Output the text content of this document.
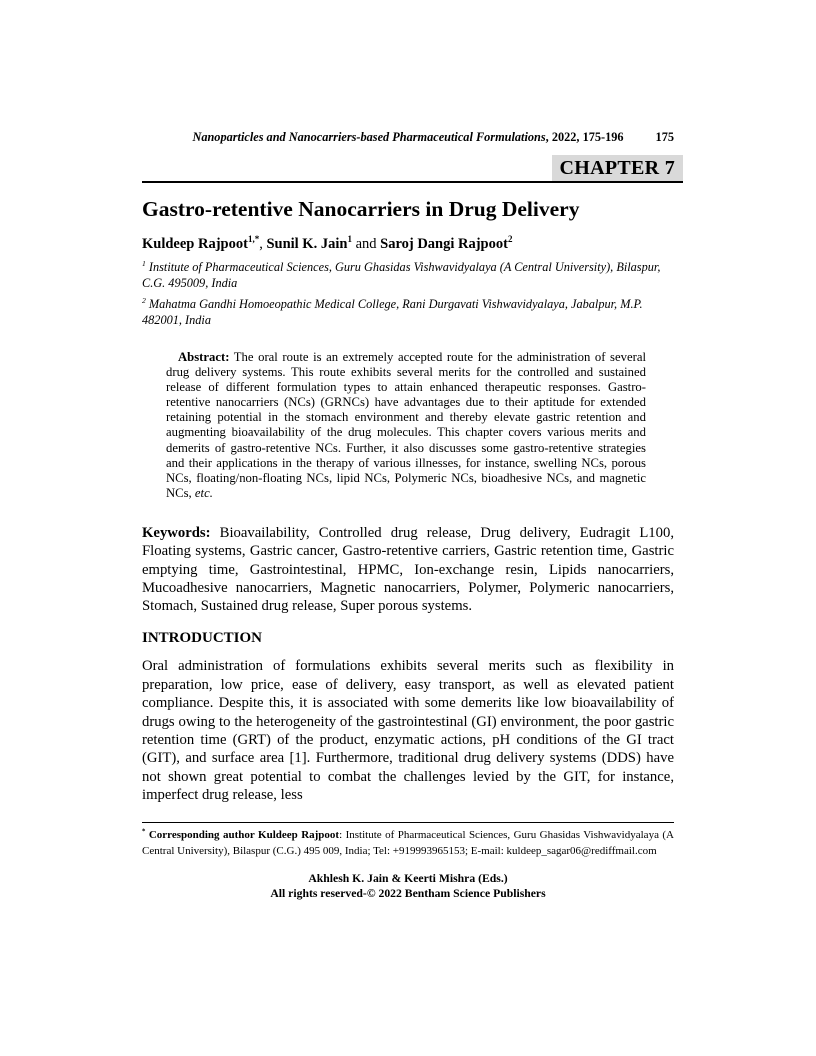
Nanoparticles and Nanocarriers-based Pharmaceutical Formulations, 2022, 175-196	175
CHAPTER 7
Gastro-retentive Nanocarriers in Drug Delivery

Kuldeep Rajpoot$^{1,*}$, Sunil K. Jain$^1$ and Saroj Dangi Rajpoot$^2$

$^1$ Institute of Pharmaceutical Sciences, Guru Ghasidas Vishwavidyalaya (A Central University), Bilaspur, C.G. 495009, India

$^2$ Mahatma Gandhi Homoeopathic Medical College, Rani Durgavati Vishwavidyalaya, Jabalpur, M.P. 482001, India

Abstract: The oral route is an extremely accepted route for the administration of several drug delivery systems. This route exhibits several merits for the controlled and sustained release of different formulation types to attain enhanced therapeutic responses. Gastro-retentive nanocarriers (NCs) (GRNCs) have advantages due to their aptitude for extended retaining potential in the stomach environment and thereby elevate gastric retention and augmenting bioavailability of the drug molecules. This chapter covers various merits and demerits of gastro-retentive NCs. Further, it also discusses some gastro-retentive strategies and their applications in the therapy of various illnesses, for instance, swelling NCs, porous NCs, floating/non-floating NCs, lipid NCs, Polymeric NCs, bioadhesive NCs, and magnetic NCs, etc.

Keywords: Bioavailability, Controlled drug release, Drug delivery, Eudragit L100, Floating systems, Gastric cancer, Gastro-retentive carriers, Gastric retention time, Gastric emptying time, Gastrointestinal, HPMC, Ion-exchange resin, Lipids nanocarriers, Mucoadhesive nanocarriers, Magnetic nanocarriers, Polymer, Polymeric nanocarriers, Stomach, Sustained drug release, Super porous systems.

INTRODUCTION

Oral administration of formulations exhibits several merits such as flexibility in preparation, low price, ease of delivery, easy transport, as well as elevated patient compliance. Despite this, it is associated with some demerits like low bioavailability of drugs owing to the heterogeneity of the gastrointestinal (GI) environment, the poor gastric retention time (GRT) of the product, enzymatic actions, pH conditions of the GI tract (GIT), and surface area [1]. Furthermore, traditional drug delivery systems (DDS) have not shown great potential to combat the challenges levied by the GIT, for instance, imperfect drug release, less

* Corresponding author Kuldeep Rajpoot: Institute of Pharmaceutical Sciences, Guru Ghasidas Vishwavidyalaya (A Central University), Bilaspur (C.G.) 495 009, India; Tel: +919993965153; E-mail: kuldeep_sagar06@rediffmail.com

Akhlesh K. Jain & Keerti Mishra (Eds.)
All rights reserved-© 2022 Bentham Science Publishers
